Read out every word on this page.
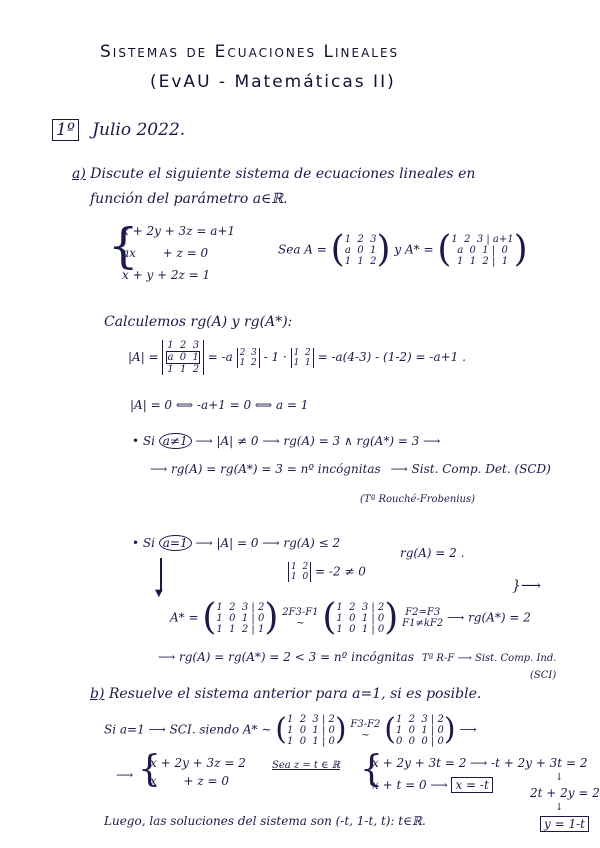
Sistemas de Ecuaciones Lineales
(EvAU - Matemáticas II)
1º Julio 2022.
a) Discute el siguiente sistema de ecuaciones lineales en
función del parámetro a∈ℝ.
{
x + 2y + 3z = a+1
ax       + z = 0
x + y + 2z = 1
Sea A = ( 1  2  3
a  0  1
1  1  2 ) y A* = ( 1  2  3 | a+1
a  0  1 |  0
1  1  2 |  1 )
Calculemos rg(A) y rg(A*):
|A| =
1  2  3
a  0  1
1  1  2
= -a 2  3
1  2 - 1 · 1  2
1  1 = -a(4-3) - (1-2) = -a+1 .
|A| = 0 ⟺ -a+1 = 0 ⟺ a = 1
• Si a≠1 ⟶ |A| ≠ 0 ⟶ rg(A) = 3 ∧ rg(A*) = 3 ⟶
⟶ rg(A) = rg(A*) = 3 = nº incógnitas ⟶ Sist. Comp. Det. (SCD)
(Tª Rouché-Frobenius)
• Si a=1 ⟶ |A| = 0 ⟶ rg(A) ≤ 2
rg(A) = 2 .
1  2
1  0 = -2 ≠ 0
}⟶
▼
A* = ( 1  2  3 | 2
1  0  1 | 0
1  1  2 | 1 ) 2F3-F1
∼ ( 1  2  3 | 2
1  0  1 | 0
1  0  1 | 0 ) F2=F3
F1≠kF2 ⟶ rg(A*) = 2
⟶ rg(A) = rg(A*) = 2 < 3 = nº incógnitas Tª R-F ⟶ Sist. Comp. Ind.
(SCI)
b) Resuelve el sistema anterior para a=1, si es posible.
Si a=1 ⟶ SCI. siendo A* ∼ ( 1  2  3 | 2
1  0  1 | 0
1  0  1 | 0 ) F3-F2
∼ ( 1  2  3 | 2
1  0  1 | 0
0  0  0 | 0 ) ⟶
⟶ {
x + 2y + 3z = 2
x       + z = 0
Sea z = t ∈ ℝ {
x + 2y + 3t = 2 ⟶ -t + 2y + 3t = 2
x + t = 0 ⟶ x = -t
↓
2t + 2y = 2
↓
Luego, las soluciones del sistema son (-t, 1-t, t): t∈ℝ.	y = 1-t
